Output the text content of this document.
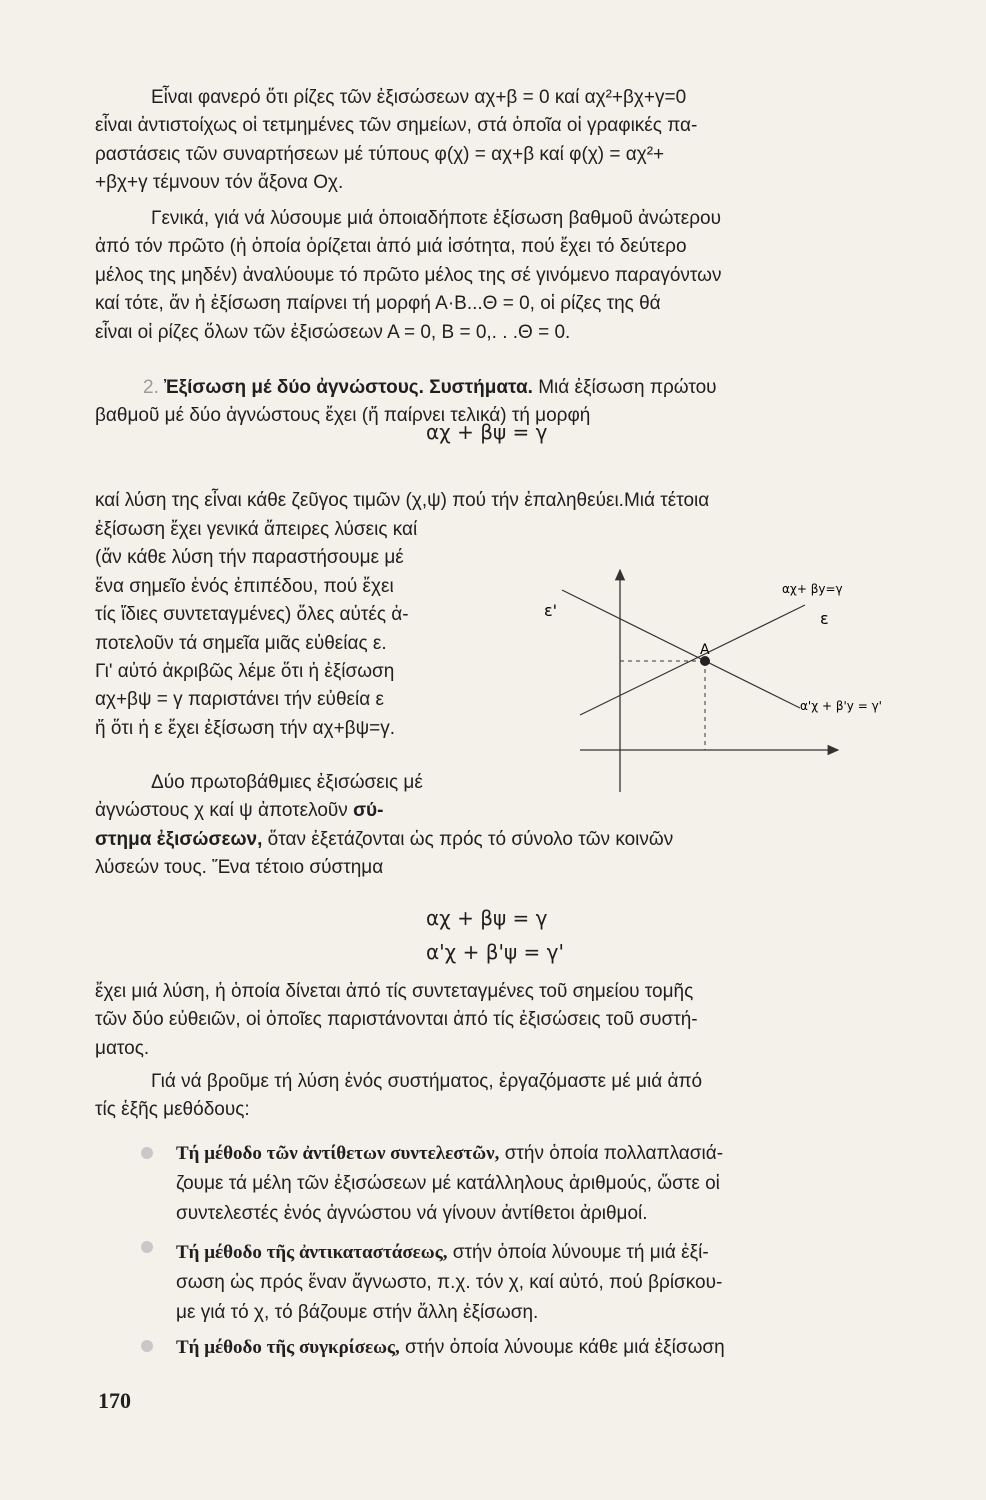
Εἶναι φανερό ὅτι ρίζες τῶν ἐξισώσεων αχ+β = 0 καί αχ²+βχ+γ=0
εἶναι ἀντιστοίχως οἱ τετμημένες τῶν σημείων, στά ὁποῖα οἱ γραφικές πα-
ραστάσεις τῶν συναρτήσεων μέ τύπους φ(χ) = αχ+β καί φ(χ) = αχ²+
+βχ+γ τέμνουν τόν ἄξονα Οχ.

Γενικά, γιά νά λύσουμε μιά ὁποιαδήποτε ἐξίσωση βαθμοῦ ἀνώτερου
ἀπό τόν πρῶτο (ἡ ὁποία ὁρίζεται ἀπό μιά ἰσότητα, πού ἔχει τό δεύτερο
μέλος της μηδέν) ἀναλύουμε τό πρῶτο μέλος της σέ γινόμενο παραγόντων
καί τότε, ἄν ἡ ἐξίσωση παίρνει τή μορφή Α·Β...Θ = 0, οἱ ρίζες της θά
εἶναι οἱ ρίζες ὅλων τῶν ἐξισώσεων Α = 0, Β = 0,. . .Θ = 0.

2. Ἐξίσωση μέ δύο ἀγνώστους. Συστήματα. Μιά ἐξίσωση πρώτου
βαθμοῦ μέ δύο ἀγνώστους ἔχει (ἤ παίρνει τελικά) τή μορφή

αχ + βψ = γ

καί λύση της εἶναι κάθε ζεῦγος τιμῶν (χ,ψ) πού τήν ἐπαληθεύει.Μιά τέτοια

ἐξίσωση ἔχει γενικά ἄπειρες λύσεις καί
(ἄν κάθε λύση τήν παραστήσουμε μέ
ἕνα σημεῖο ἑνός ἐπιπέδου, πού ἔχει
τίς ἴδιες συντεταγμένες) ὅλες αὐτές ἀ-
ποτελοῦν τά σημεῖα μιᾶς εὐθείας ε.
Γι' αὐτό ἀκριβῶς λέμε ὅτι ἡ ἐξίσωση
αχ+βψ = γ παριστάνει τήν εὐθεία ε
ἤ ὅτι ἡ ε ἔχει ἐξίσωση τήν αχ+βψ=γ.

Δύο πρωτοβάθμιες ἐξισώσεις μέ
ἀγνώστους χ καί ψ ἀποτελοῦν σύ-

στημα ἐξισώσεων, ὅταν ἐξετάζονται ὡς πρός τό σύνολο τῶν κοινῶν
λύσεών τους. Ἕνα τέτοιο σύστημα

αχ + βψ = γ
α'χ + β'ψ = γ'

ἔχει μιά λύση, ἡ ὁποία δίνεται ἀπό τίς συντεταγμένες τοῦ σημείου τομῆς
τῶν δύο εὐθειῶν, οἱ ὁποῖες παριστάνονται ἀπό τίς ἐξισώσεις τοῦ συστή-
ματος.

Γιά νά βροῦμε τή λύση ἑνός συστήματος, ἐργαζόμαστε μέ μιά ἀπό
τίς ἑξῆς μεθόδους:

Τή μέθοδο τῶν ἀντίθετων συντελεστῶν, στήν ὁποία πολλαπλασιά-
ζουμε τά μέλη τῶν ἐξισώσεων μέ κατάλληλους ἀριθμούς, ὥστε οἱ
συντελεστές ἑνός ἀγνώστου νά γίνουν ἀντίθετοι ἀριθμοί.

Τή μέθοδο τῆς ἀντικαταστάσεως, στήν ὁποία λύνουμε τή μιά ἐξί-
σωση ὡς πρός ἕναν ἄγνωστο, π.χ. τόν χ, καί αὐτό, πού βρίσκου-
με γιά τό χ, τό βάζουμε στήν ἄλλη ἐξίσωση.

Τή μέθοδο τῆς συγκρίσεως, στήν ὁποία λύνουμε κάθε μιά ἐξίσωση

170
Α
ε'	ε
αχ+ βy=γ
α'χ + β'y = γ'
